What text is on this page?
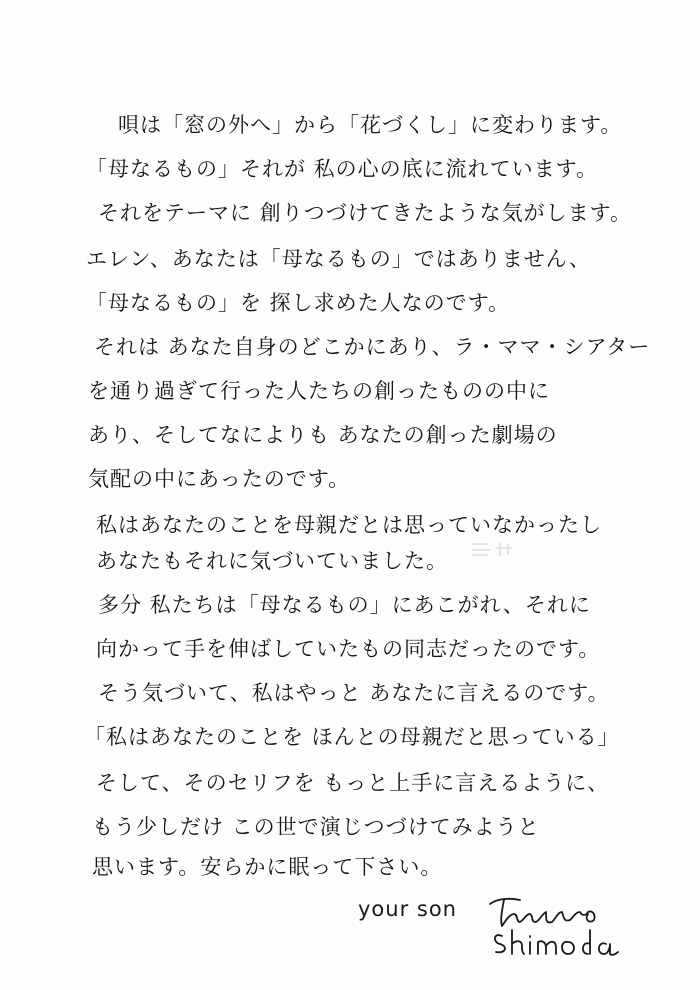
唄は「窓の外へ」から「花づくし」に変わります。
「母なるもの」それが 私の心の底に流れています。
それをテーマに 創りつづけてきたような気がします。
エレン、あなたは「母なるもの」ではありません、
「母なるもの」を 探し求めた人なのです。
それは あなた自身のどこかにあり、ラ・ママ・シアター
を通り過ぎて行った人たちの創ったものの中に
あり、そしてなによりも あなたの創った劇場の
気配の中にあったのです。
私はあなたのことを母親だとは思っていなかったし
あなたもそれに気づいていました。
多分 私たちは「母なるもの」にあこがれ、それに
向かって手を伸ばしていたもの同志だったのです。
そう気づいて、私はやっと あなたに言えるのです。
「私はあなたのことを ほんとの母親だと思っている」
そして、そのセリフを もっと上手に言えるように、
もう少しだけ この世で演じつづけてみようと
思います。安らかに眠って下さい。
your son
